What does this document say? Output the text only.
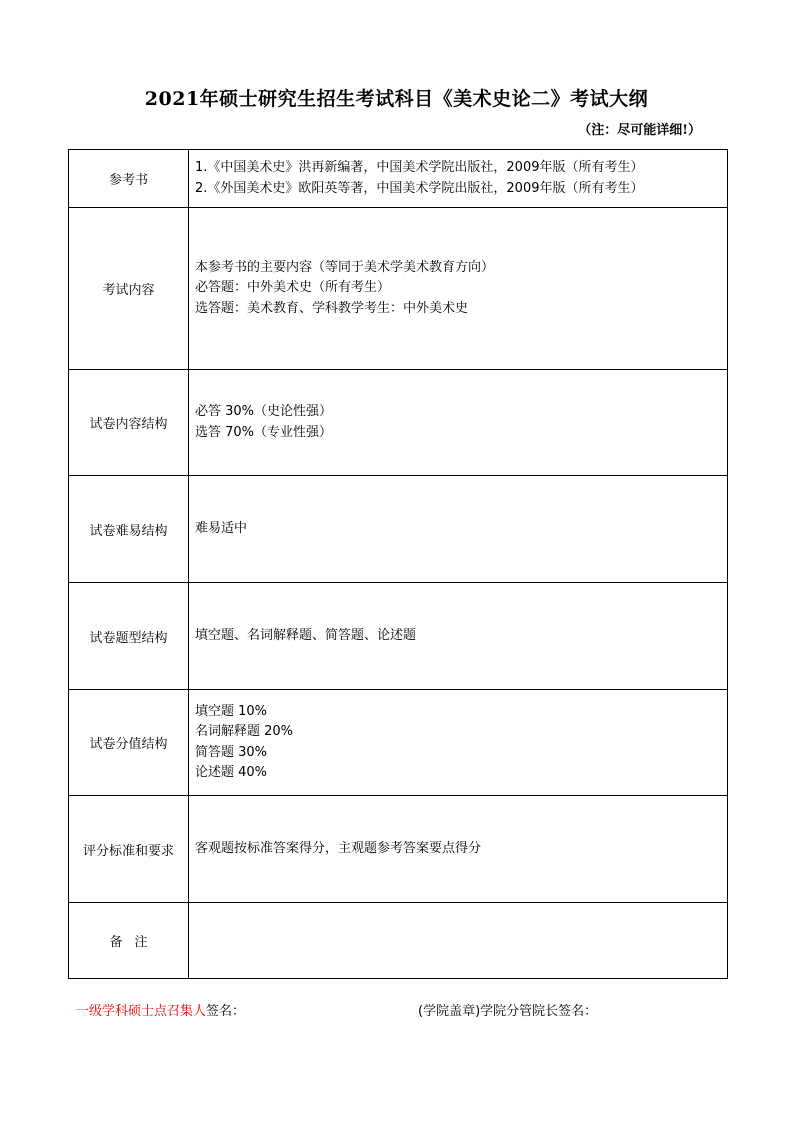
2021年硕士研究生招生考试科目《美术史论二》考试大纲
（注：尽可能详细!）
参考书	1.《中国美术史》洪再新编著，中国美术学院出版社，2009年版（所有考生）
2.《外国美术史》欧阳英等著，中国美术学院出版社，2009年版（所有考生）

考试内容	本参考书的主要内容（等同于美术学美术教育方向）
必答题：中外美术史（所有考生）
选答题：美术教育、学科教学考生：中外美术史

试卷内容结构	必答 30%（史论性强）
选答 70%（专业性强）

试卷难易结构	难易适中

试卷题型结构	填空题、名词解释题、简答题、论述题

试卷分值结构	填空题 10%
名词解释题 20%
简答题 30%
论述题 40%

评分标准和要求	客观题按标准答案得分，主观题参考答案要点得分

备注	
一级学科硕士点召集人签名：	(学院盖章)学院分管院长签名：
